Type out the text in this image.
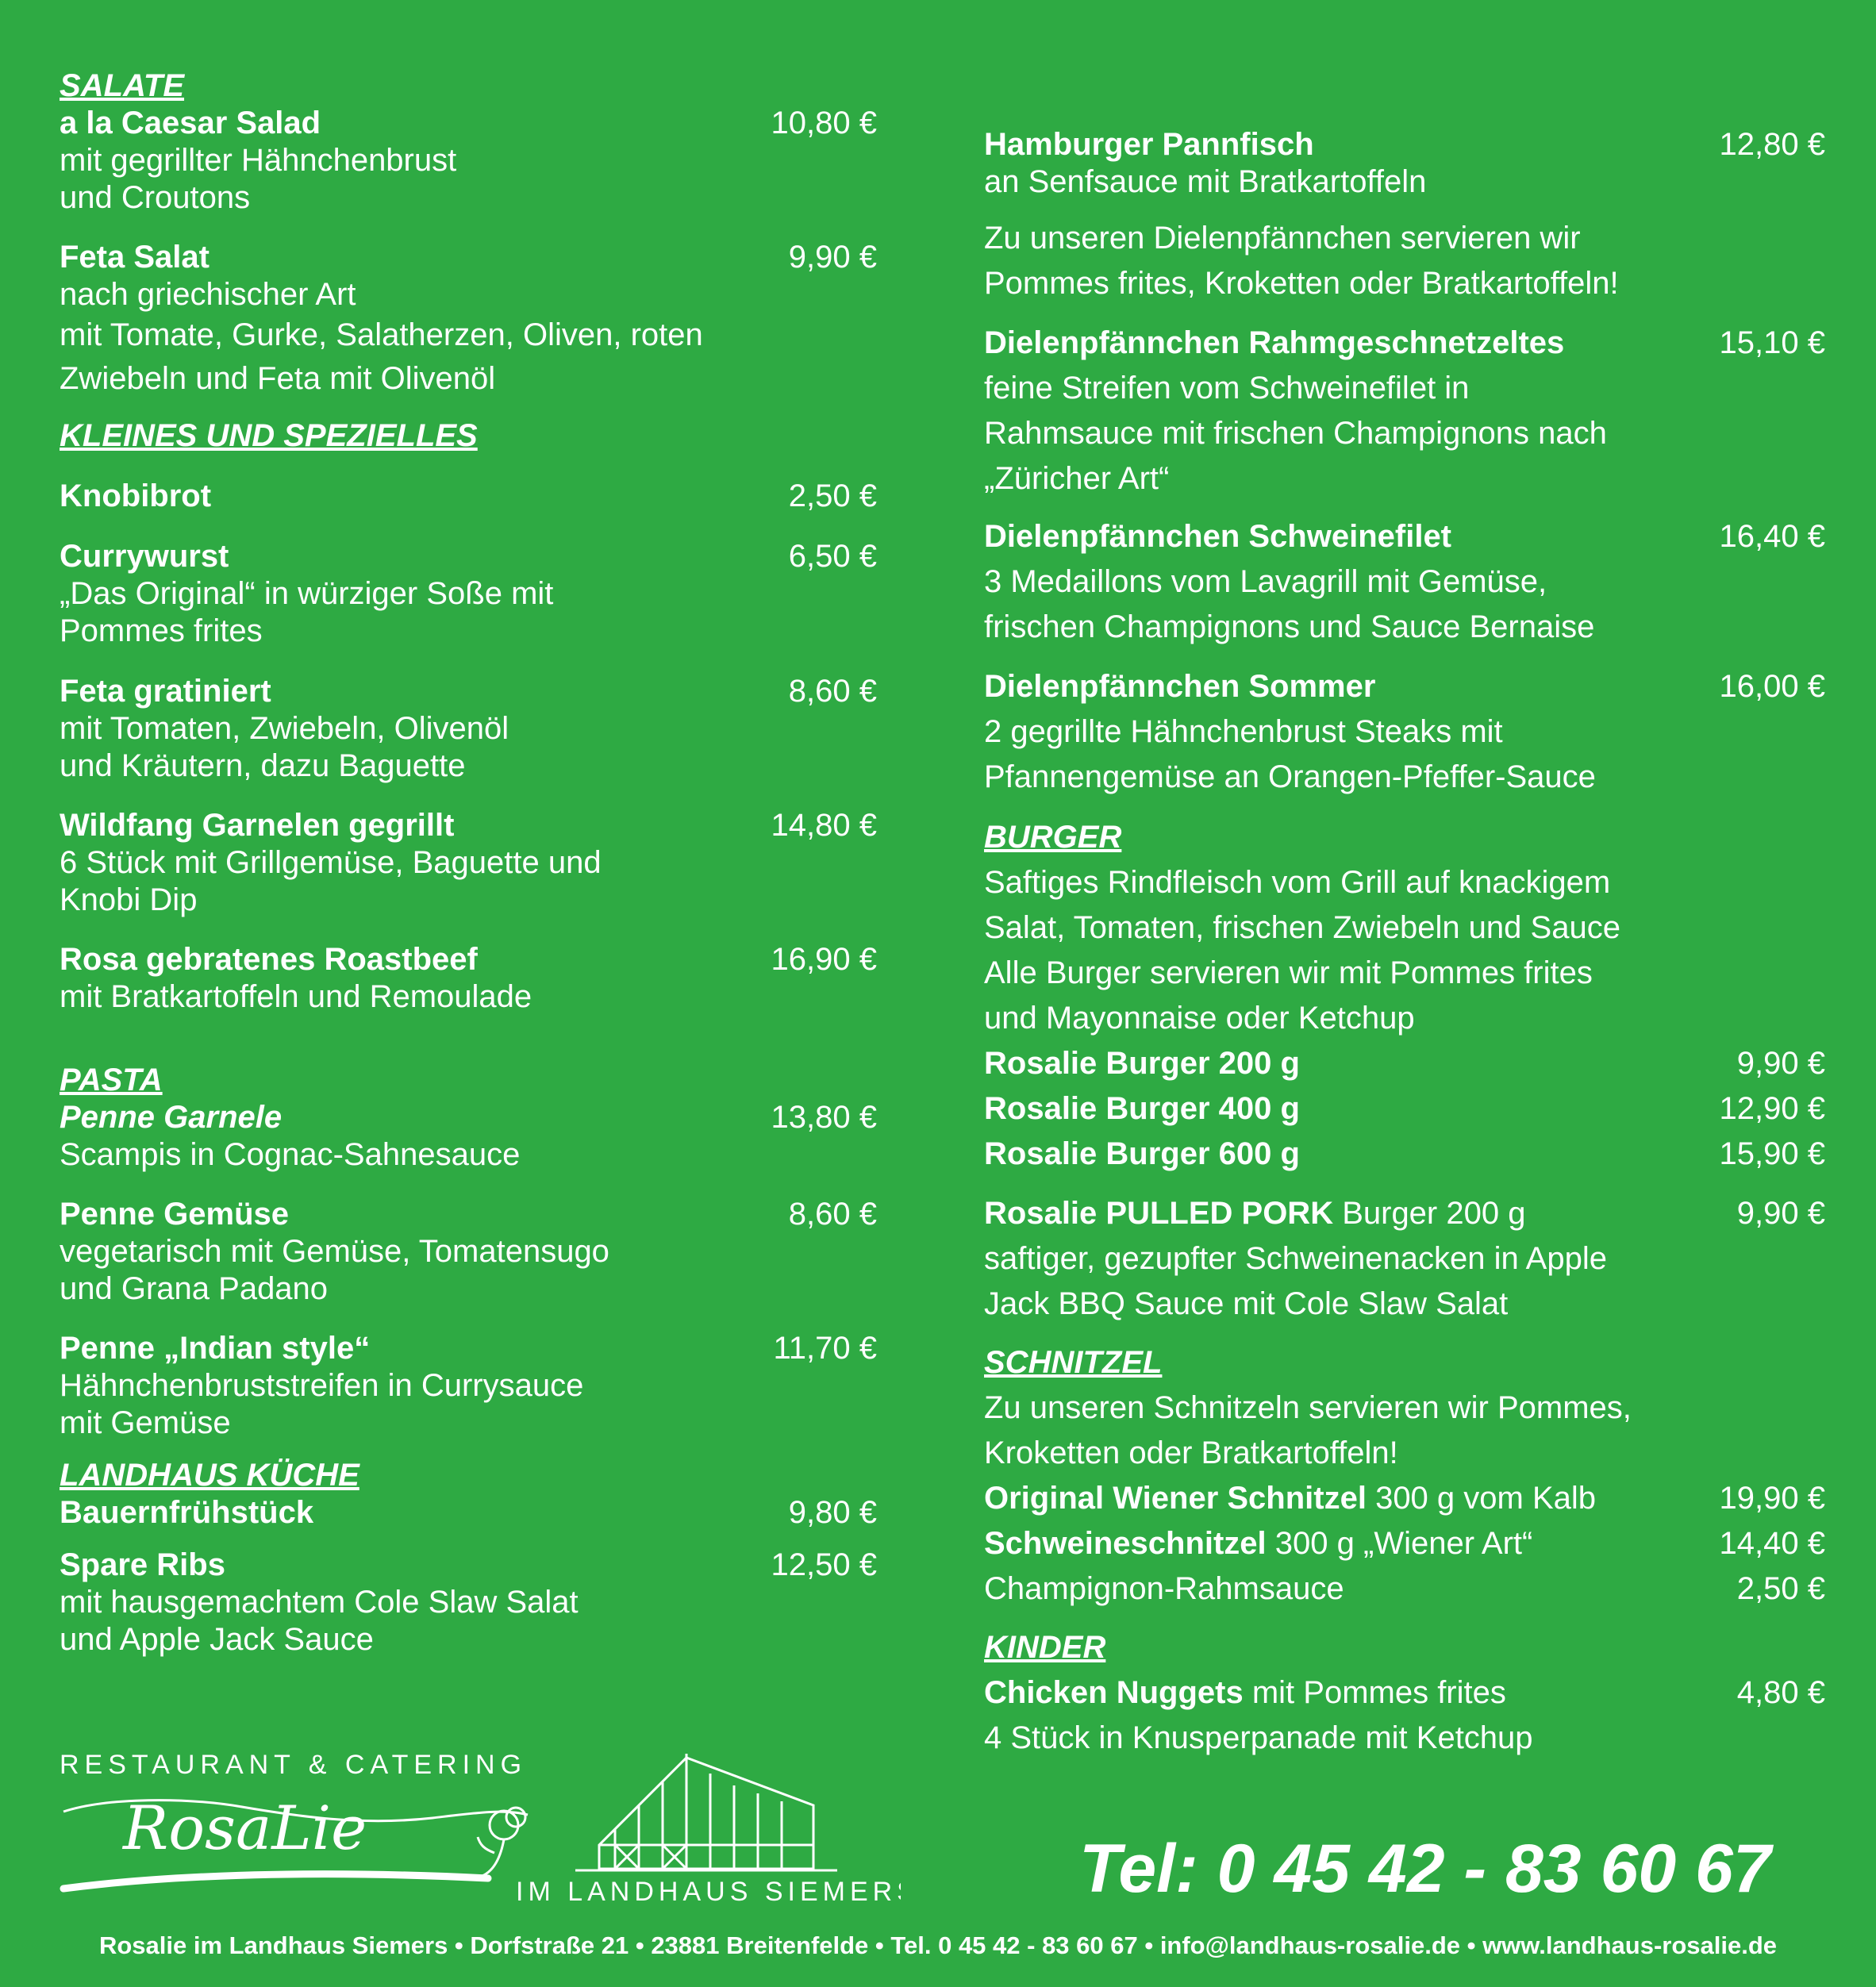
SALATE
a la Caesar Salad	10,80 €
mit gegrillter Hähnchenbrust
und Croutons
Feta Salat	9,90 €
nach griechischer Art
mit Tomate, Gurke, Salatherzen, Oliven, roten
Zwiebeln und Feta mit Olivenöl
KLEINES UND SPEZIELLES
Knobibrot	2,50 €
Currywurst	6,50 €
„Das Original“ in würziger Soße mit
Pommes frites
Feta gratiniert	8,60 €
mit Tomaten, Zwiebeln, Olivenöl
und Kräutern, dazu Baguette
Wildfang Garnelen gegrillt	14,80 €
6 Stück mit Grillgemüse, Baguette und
Knobi Dip
Rosa gebratenes Roastbeef	16,90 €
mit Bratkartoffeln und Remoulade
PASTA
Penne Garnele	13,80 €
Scampis in Cognac-Sahnesauce
Penne Gemüse	8,60 €
vegetarisch mit Gemüse, Tomatensugo
und Grana Padano
Penne „Indian style“	11,70 €
Hähnchenbruststreifen in Currysauce
mit Gemüse
LANDHAUS KÜCHE
Bauernfrühstück	9,80 €
Spare Ribs	12,50 €
mit hausgemachtem Cole Slaw Salat
und Apple Jack Sauce
Hamburger Pannfisch	12,80 €
an Senfsauce mit Bratkartoffeln
Zu unseren Dielenpfännchen servieren wir
Pommes frites, Kroketten oder Bratkartoffeln!
Dielenpfännchen Rahmgeschnetzeltes	15,10 €
feine Streifen vom Schweinefilet in
Rahmsauce mit frischen Champignons nach
„Züricher Art“
Dielenpfännchen Schweinefilet	16,40 €
3 Medaillons vom Lavagrill mit Gemüse,
frischen Champignons und Sauce Bernaise
Dielenpfännchen Sommer	16,00 €
2 gegrillte Hähnchenbrust Steaks mit
Pfannengemüse an Orangen-Pfeffer-Sauce
BURGER
Saftiges Rindfleisch vom Grill auf knackigem
Salat, Tomaten, frischen Zwiebeln und Sauce
Alle Burger servieren wir mit Pommes frites
und Mayonnaise oder Ketchup
Rosalie Burger 200 g	9,90 €
Rosalie Burger 400 g	12,90 €
Rosalie Burger 600 g	15,90 €
Rosalie PULLED PORK Burger 200 g	9,90 €
saftiger, gezupfter Schweinenacken in Apple
Jack BBQ Sauce mit Cole Slaw Salat
SCHNITZEL
Zu unseren Schnitzeln servieren wir Pommes,
Kroketten oder Bratkartoffeln!
Original Wiener Schnitzel 300 g vom Kalb	19,90 €
Schweineschnitzel 300 g „Wiener Art“	14,40 €
Champignon-Rahmsauce	2,50 €
KINDER
Chicken Nuggets mit Pommes frites	4,80 €
4 Stück in Knusperpanade mit Ketchup
RESTAURANT & CATERING
RosaLie
IM LANDHAUS SIEMERS Tel: 0 45 42 - 83 60 67
Rosalie im Landhaus Siemers • Dorfstraße 21 • 23881 Breitenfelde • Tel. 0 45 42 - 83 60 67 • info@landhaus-rosalie.de • www.landhaus-rosalie.de
